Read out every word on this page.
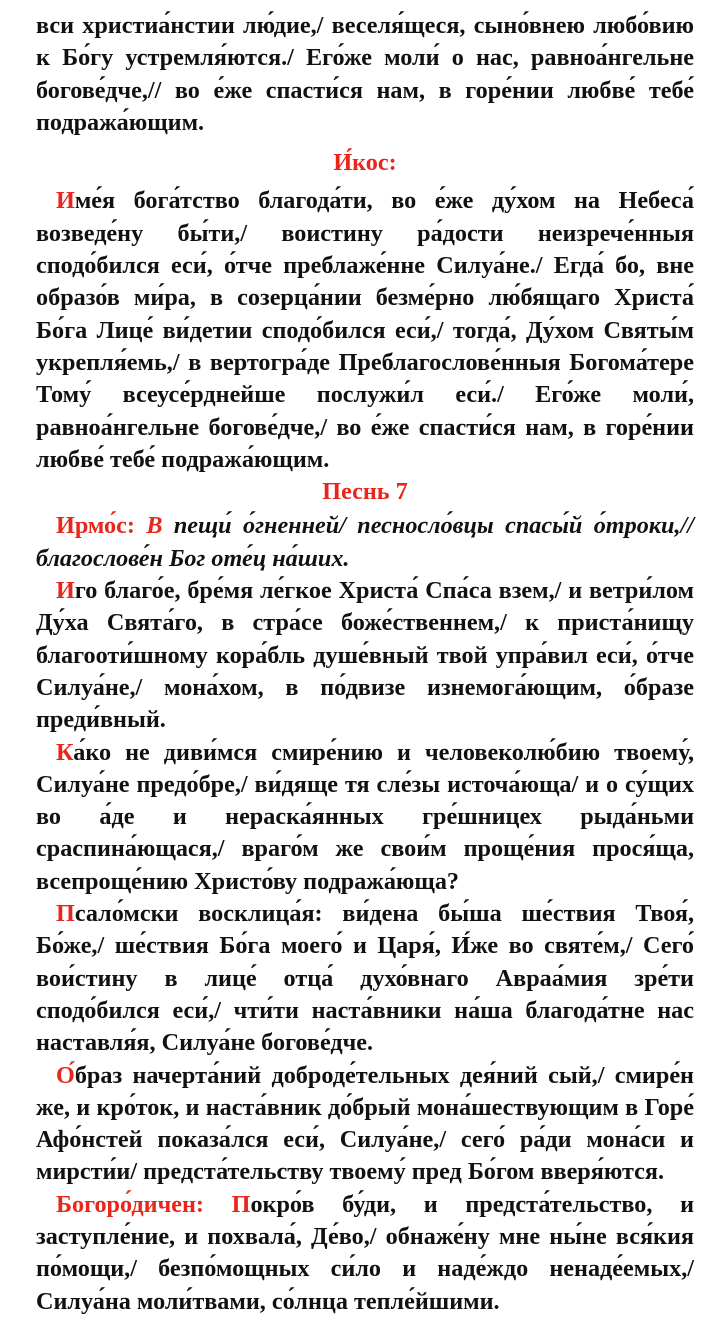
вси христиа́нстии лю́дие,/ веселя́щеся, сыно́внею любо́вию к Бо́гу устремля́ются./ Его́же моли́ о нас, равноа́нгельне богове́дче,// во е́же спасти́ся нам, в горе́нии любве́ тебе́ подража́ющим.

И́кос:

Име́я бога́тство благода́ти, во е́же ду́хом на Небеса́ возведе́ну бы́ти,/ воистину ра́дости неизрече́нныя сподо́бился еси́, о́тче преблаже́нне Силуа́не./ Егда́ бо, вне образо́в ми́ра, в созерца́нии безме́рно лю́бящаго Христа́ Бо́га Лице́ ви́детии сподо́бился еси́,/ тогда́, Ду́хом Святы́м укрепля́емь,/ в вертогра́де Преблагослове́нныя Богома́тере Тому́ всеусе́рднейше послужи́л еси́./ Его́же моли́, равноа́нгельне богове́дче,/ во е́же спасти́ся нам, в горе́нии любве́ тебе́ подража́ющим.

Песнь 7

Ирмо́с: В пещи́ о́гненней/ песносло́вцы спасы́й о́троки,// благослове́н Бог оте́ц на́ших.

Иго благо́е, бре́мя ле́гкое Христа́ Спа́са взем,/ и ветри́лом Ду́ха Свята́го, в стра́се боже́ственнем,/ к приста́нищу благооти́шному кора́бль душе́вный твой упра́вил еси́, о́тче Силуа́не,/ мона́хом, в по́двизе изнемога́ющим, о́бразе преди́вный.

Ка́ко не диви́мся смире́нию и человеколю́бию твоему́, Силуа́не предо́бре,/ ви́дяще тя сле́зы источа́юща/ и о су́щих во а́де и нераска́янных гре́шницех рыда́ньми сраспина́ющася,/ враго́м же свои́м проще́ния прося́ща, всепроще́нию Христо́ву подража́юща?

Псало́мски восклица́я: ви́дена бы́ша ше́ствия Твоя́, Бо́же,/ ше́ствия Бо́га моего́ и Царя́, И́же во святе́м,/ Сего́ вои́стину в лице́ отца́ духо́внаго Авраа́мия зре́ти сподо́бился еси́,/ чти́ти наста́вники на́ша благода́тне нас наставля́я, Силуа́не богове́дче.

О́браз начерта́ний доброде́тельных дея́ний сый,/ смире́н же, и кро́ток, и наста́вник до́брый мона́шествующим в Горе́ Афо́нстей показа́лся еси́, Силуа́не,/ сего́ ра́ди мона́си и мирсти́и/ предста́тельству твоему́ пред Бо́гом вверя́ются.

Богоро́дичен: Покро́в бу́ди, и предста́тельство, и заступле́ние, и похвала́, Де́во,/ обнаже́ну мне ны́не вся́кия по́мощи,/ безпо́мощных си́ло и наде́ждо ненаде́емых,/ Силуа́на моли́твами, со́лнца тепле́йшими.
